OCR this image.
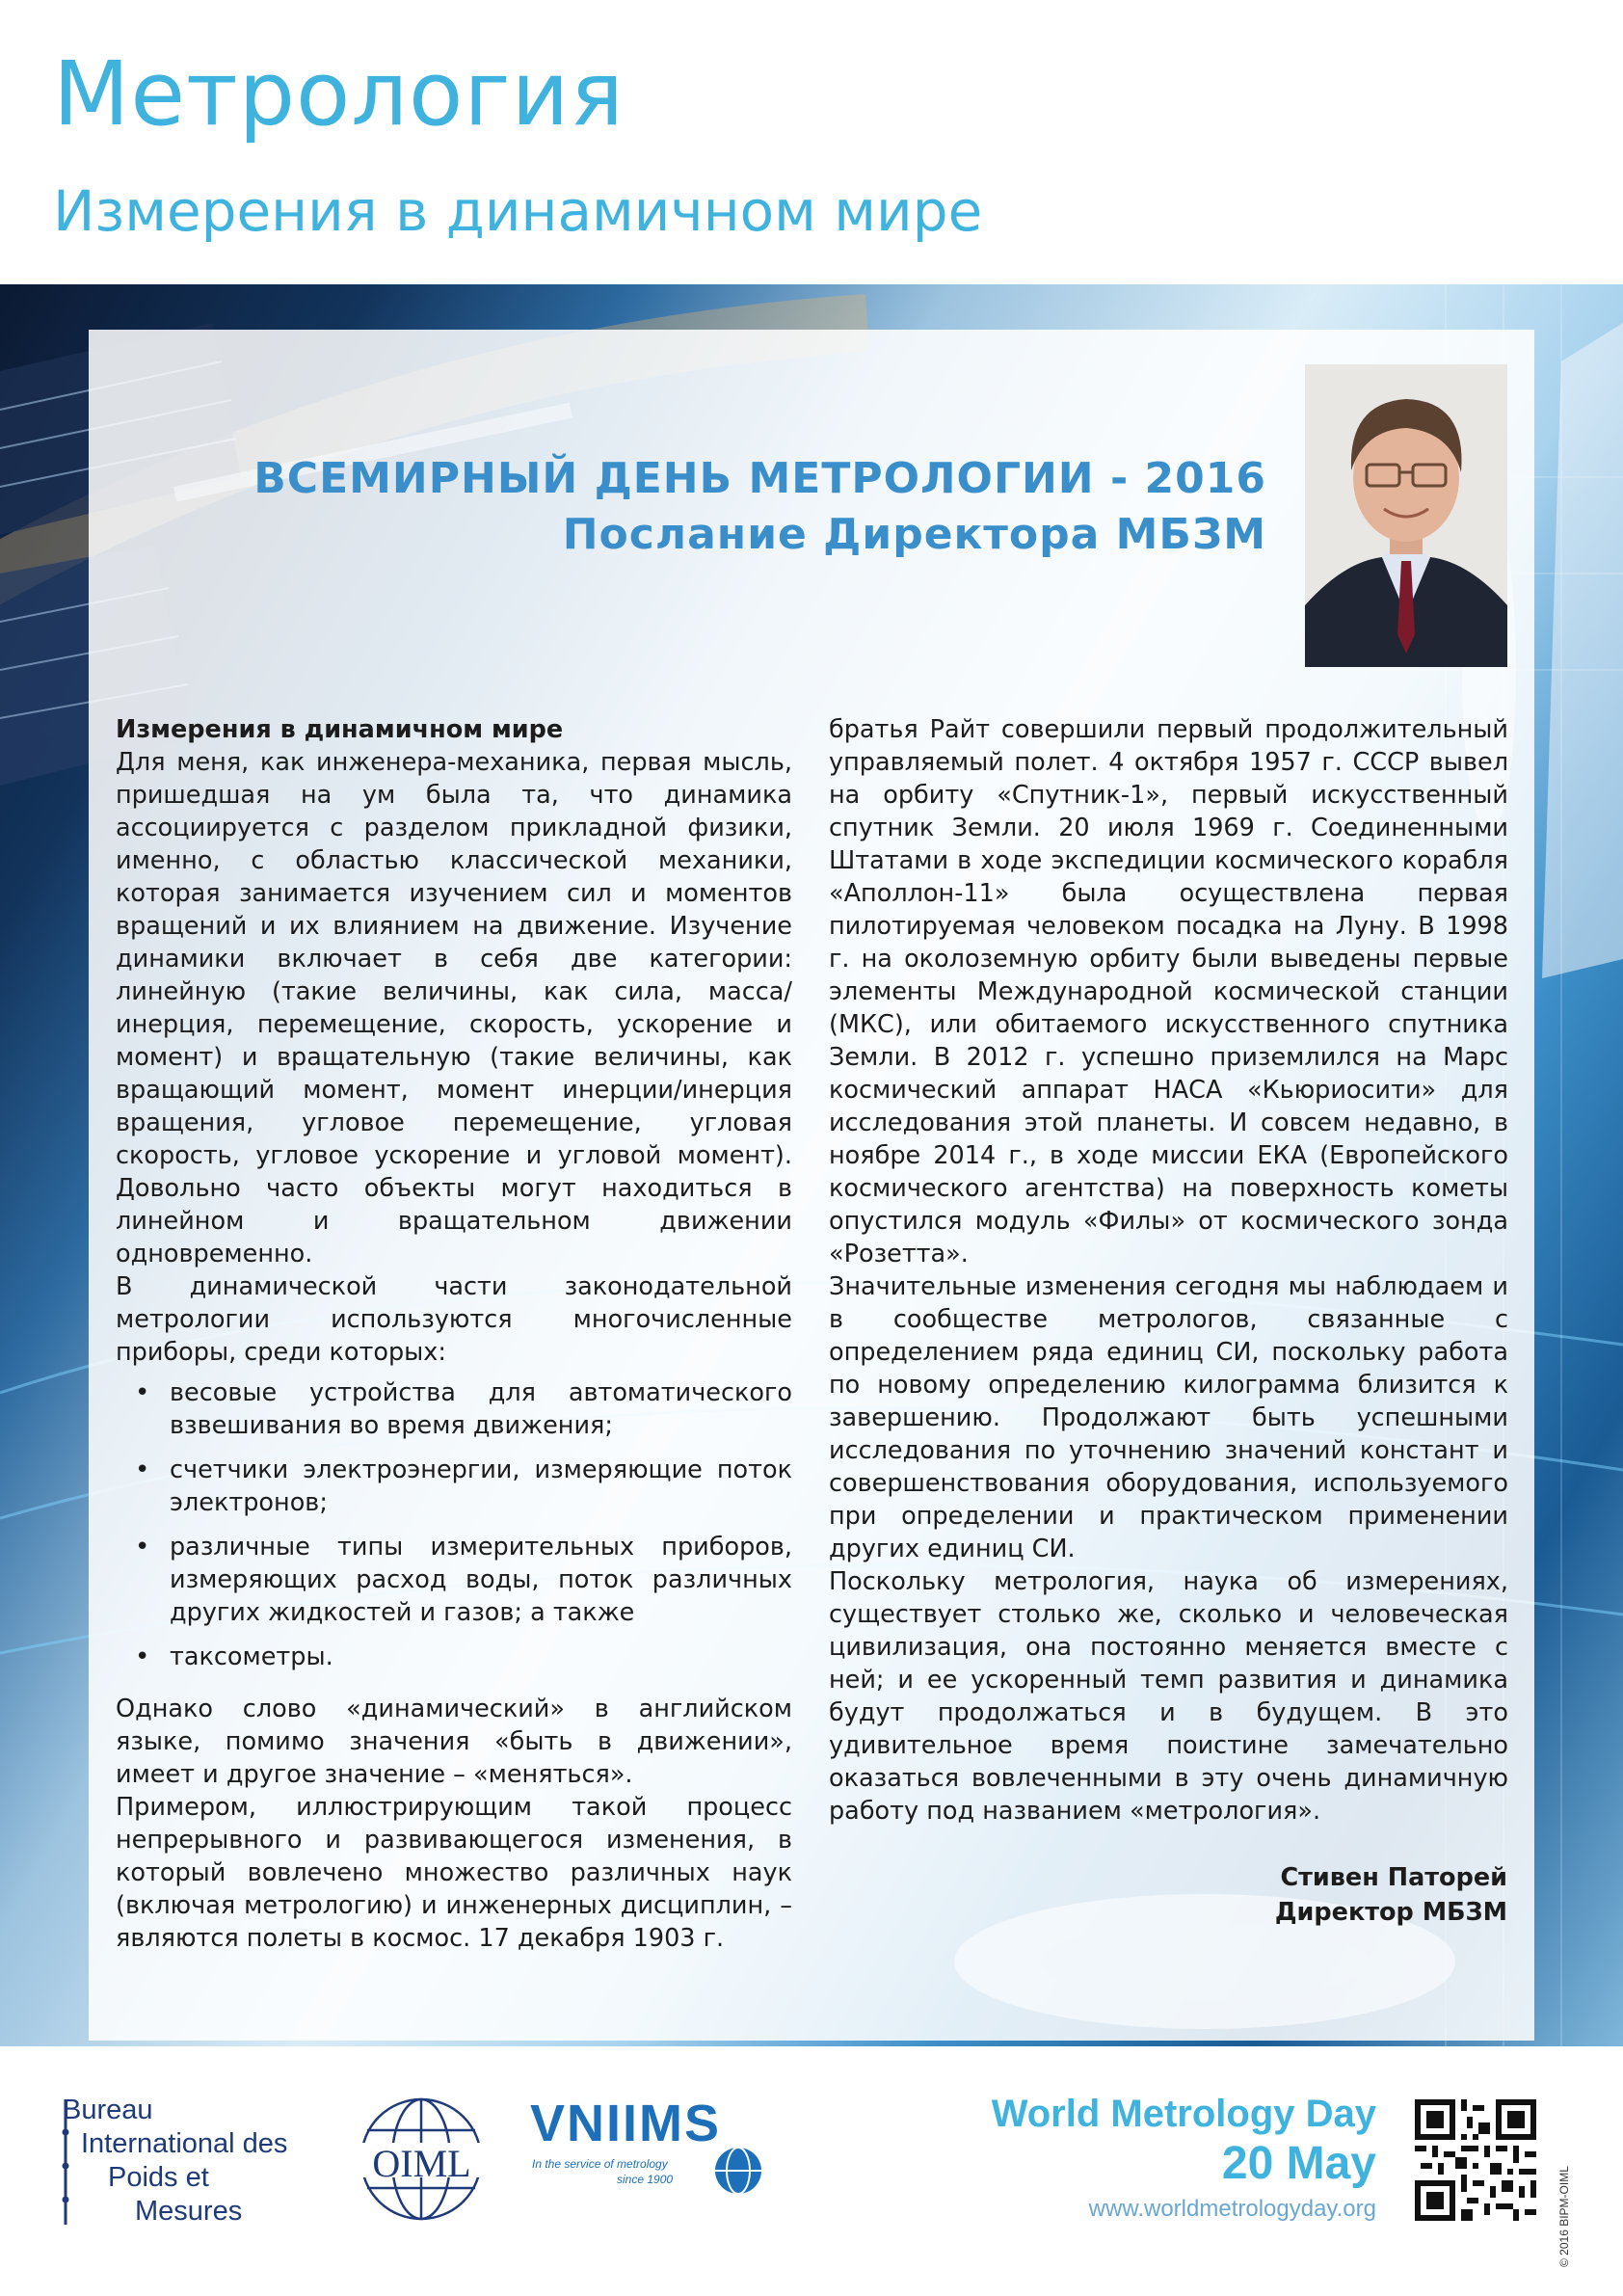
Метрология
Измерения в динамичном мире
ВСЕМИРНЫЙ ДЕНЬ МЕТРОЛОГИИ - 2016
Послание Директора МБЗМ

Измерения в динамичном мире

Для меня, как инженера-механика, первая мысль, пришедшая на ум была та, что динамика ассоциируется с разделом прикладной физики, именно, с областью классической механики, которая занимается изучением сил и моментов вращений и их влиянием на движение. Изучение динамики включает в себя две категории: линейную (такие величины, как сила, масса/инерция, перемещение, скорость, ускорение и момент) и вращательную (такие величины, как вращающий момент, момент инерции/инерция вращения, угловое перемещение, угловая скорость, угловое ускорение и угловой момент). Довольно часто объекты могут находиться в линейном и вращательном движении одновременно.

В динамической части законодательной метрологии используются многочисленные приборы, среди которых:

• весовые устройства для автоматического взвешивания во время движения;
• счетчики электроэнергии, измеряющие поток электронов;
• различные типы измерительных приборов, измеряющих расход воды, поток различных других жидкостей и газов; а также
• таксометры.

Однако слово «динамический» в английском языке, помимо значения «быть в движении», имеет и другое значение – «меняться».

Примером, иллюстрирующим такой процесс непрерывного и развивающегося изменения, в который вовлечено множество различных наук (включая метрологию) и инженерных дисциплин, – являются полеты в космос. 17 декабря 1903 г.

братья Райт совершили первый продолжительный управляемый полет. 4 октября 1957 г. СССР вывел на орбиту «Спутник-1», первый искусственный спутник Земли. 20 июля 1969 г. Соединенными Штатами в ходе экспедиции космического корабля «Аполлон-11» была осуществлена первая пилотируемая человеком посадка на Луну. В 1998 г. на околоземную орбиту были выведены первые элементы Международной космической станции (МКС), или обитаемого искусственного спутника Земли. В 2012 г. успешно приземлился на Марс космический аппарат НАСА «Кьюриосити» для исследования этой планеты. И совсем недавно, в ноябре 2014 г., в ходе миссии ЕКА (Европейского космического агентства) на поверхность кометы опустился модуль «Филы» от космического зонда «Розетта».

Значительные изменения сегодня мы наблюдаем и в сообществе метрологов, связанные с определением ряда единиц СИ, поскольку работа по новому определению килограмма близится к завершению. Продолжают быть успешными исследования по уточнению значений констант и совершенствования оборудования, используемого при определении и практическом применении других единиц СИ.

Поскольку метрология, наука об измерениях, существует столько же, сколько и человеческая цивилизация, она постоянно меняется вместе с ней; и ее ускоренный темп развития и динамика будут продолжаться и в будущем. В это удивительное время поистине замечательно оказаться вовлеченными в эту очень динамичную работу под названием «метрология».

Стивен Паторей
Директор МБЗМ
Bureau
International des
Poids et
Mesures
OIML
VNIIMS
In the service of metrology
since 1900
World Metrology Day
20 May
www.worldmetrologyday.org	© 2016 BIPM-OIML
